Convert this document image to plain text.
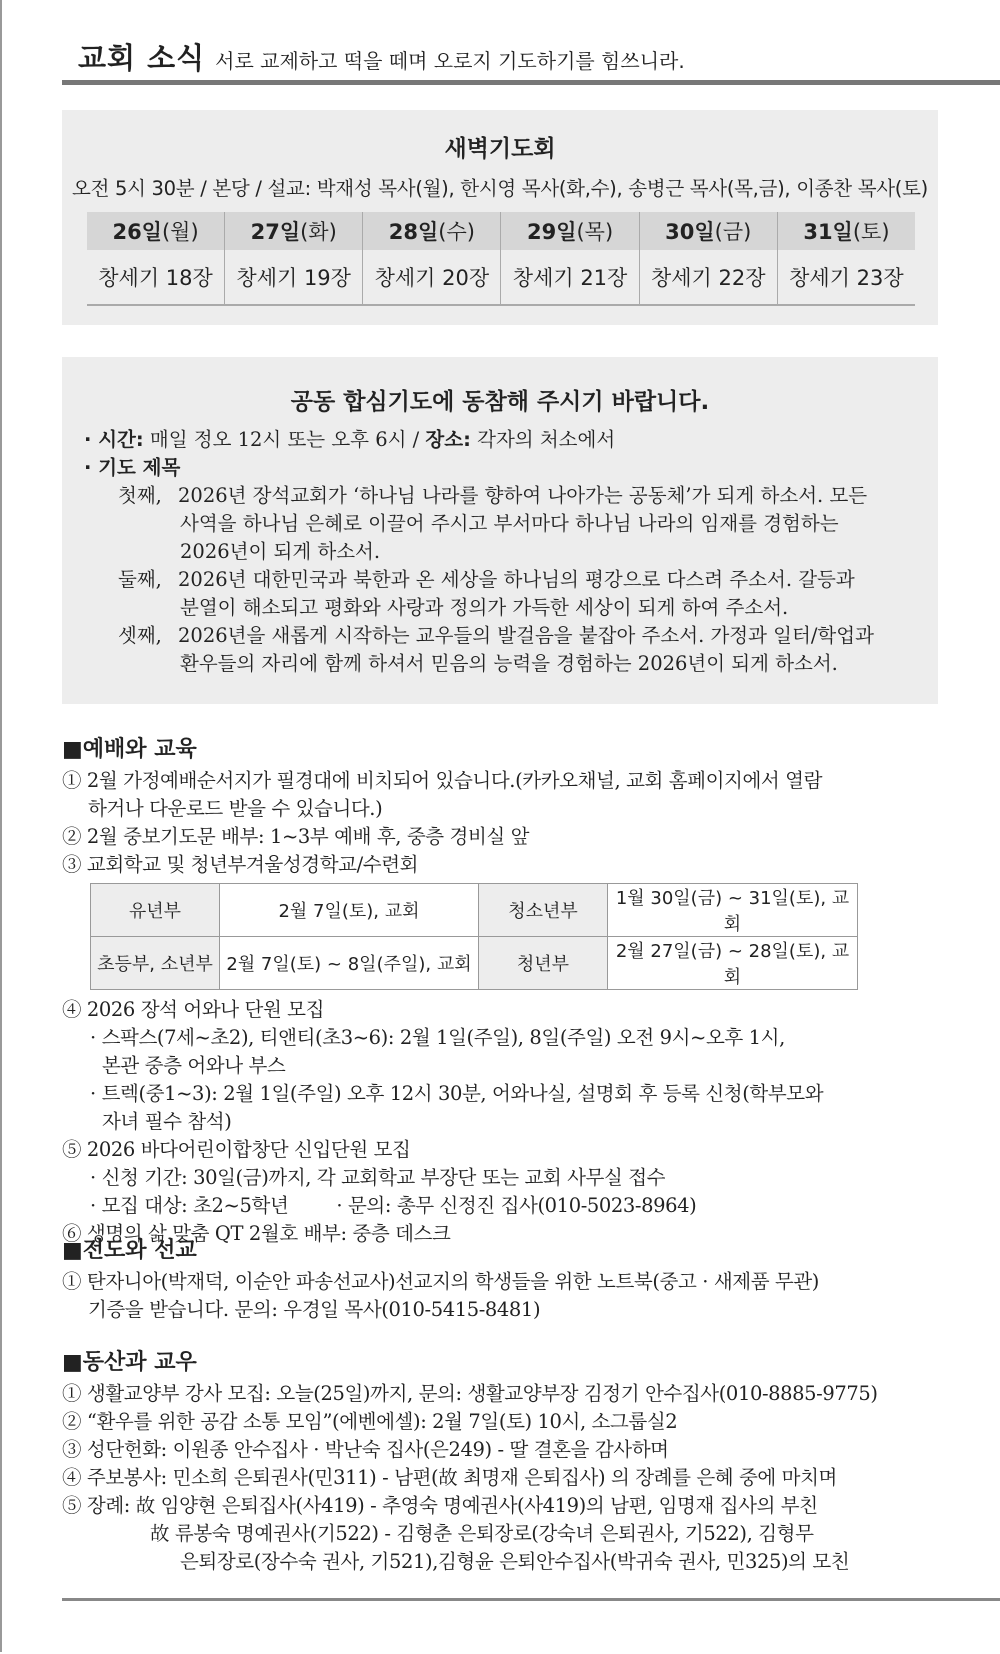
교회 소식 서로 교제하고 떡을 떼며 오로지 기도하기를 힘쓰니라.
새벽기도회
오전 5시 30분 / 본당 / 설교: 박재성 목사(월), 한시영 목사(화,수), 송병근 목사(목,금), 이종찬 목사(토)
26일(월)	27일(화)	28일(수)	29일(목)	30일(금)	31일(토)
창세기 18장	창세기 19장	창세기 20장	창세기 21장	창세기 22장	창세기 23장
공동 합심기도에 동참해 주시기 바랍니다.
· 시간: 매일 정오 12시 또는 오후 6시 / 장소: 각자의 처소에서
· 기도 제목
첫째, 2026년 장석교회가 ‘하나님 나라를 향하여 나아가는 공동체’가 되게 하소서. 모든
사역을 하나님 은혜로 이끌어 주시고 부서마다 하나님 나라의 임재를 경험하는
2026년이 되게 하소서.
둘째, 2026년 대한민국과 북한과 온 세상을 하나님의 평강으로 다스려 주소서. 갈등과
분열이 해소되고 평화와 사랑과 정의가 가득한 세상이 되게 하여 주소서.
셋째, 2026년을 새롭게 시작하는 교우들의 발걸음을 붙잡아 주소서. 가정과 일터/학업과
환우들의 자리에 함께 하셔서 믿음의 능력을 경험하는 2026년이 되게 하소서.
■예배와 교육
① 2월 가정예배순서지가 필경대에 비치되어 있습니다.(카카오채널, 교회 홈페이지에서 열람
하거나 다운로드 받을 수 있습니다.)
② 2월 중보기도문 배부: 1~3부 예배 후, 중층 경비실 앞
③ 교회학교 및 청년부겨울성경학교/수련회
유년부	2월 7일(토), 교회	청소년부	1월 30일(금) ~ 31일(토), 교회
초등부, 소년부	2월 7일(토) ~ 8일(주일), 교회	청년부	2월 27일(금) ~ 28일(토), 교회
④ 2026 장석 어와나 단원 모집
· 스팍스(7세~초2), 티앤티(초3~6): 2월 1일(주일), 8일(주일) 오전 9시~오후 1시,
본관 중층 어와나 부스
· 트렉(중1~3): 2월 1일(주일) 오후 12시 30분, 어와나실, 설명회 후 등록 신청(학부모와
자녀 필수 참석)
⑤ 2026 바다어린이합창단 신입단원 모집
· 신청 기간: 30일(금)까지, 각 교회학교 부장단 또는 교회 사무실 접수
· 모집 대상: 초2~5학년 · 문의: 총무 신정진 집사(010-5023-8964)
⑥ 생명의 삶 맞춤 QT 2월호 배부: 중층 데스크
■전도와 선교
① 탄자니아(박재덕, 이순안 파송선교사)선교지의 학생들을 위한 노트북(중고 · 새제품 무관)
기증을 받습니다. 문의: 우경일 목사(010-5415-8481)
■동산과 교우
① 생활교양부 강사 모집: 오늘(25일)까지, 문의: 생활교양부장 김정기 안수집사(010-8885-9775)
② “환우를 위한 공감 소통 모임”(에벤에셀): 2월 7일(토) 10시, 소그룹실2
③ 성단헌화: 이원종 안수집사 · 박난숙 집사(은249) - 딸 결혼을 감사하며
④ 주보봉사: 민소희 은퇴권사(민311) - 남편(故 최명재 은퇴집사) 의 장례를 은혜 중에 마치며
⑤ 장례: 故 임양현 은퇴집사(사419) - 추영숙 명예권사(사419)의 남편, 임명재 집사의 부친
故 류봉숙 명예권사(기522) - 김형춘 은퇴장로(강숙녀 은퇴권사, 기522), 김형무
은퇴장로(장수숙 권사, 기521),김형윤 은퇴안수집사(박귀숙 권사, 민325)의 모친
